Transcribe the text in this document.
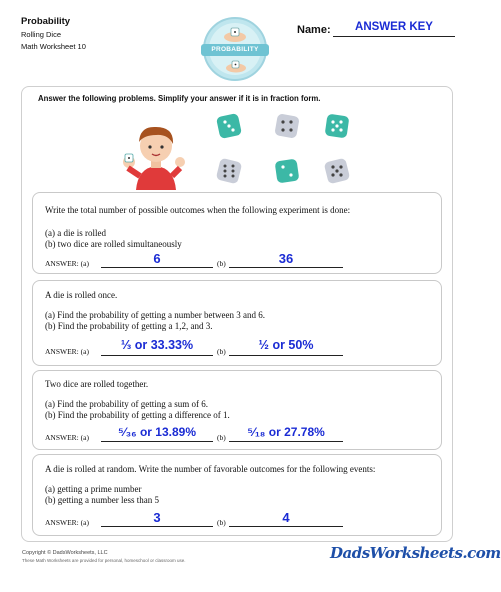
Probability
Rolling Dice
Math Worksheet 10	PROBABILITY
Name:	ANSWER KEY
Answer the following problems. Simplify your answer if it is in fraction form.
Write the total number of possible outcomes when the following experiment is done:
(a) a die is rolled
(b) two dice are rolled simultaneously
ANSWER: (a)	6	(b)	36
A die is rolled once.
(a) Find the probability of getting a number between 3 and 6.
(b) Find the probability of getting a 1,2, and 3.
ANSWER: (a)	⅓ or 33.33%	(b)	½ or 50%
Two dice are rolled together.
(a) Find the probability of getting a sum of 6.
(b) Find the probability of getting a difference of 1.
ANSWER: (a)	⁵⁄₃₆ or 13.89%	(b)	⁵⁄₁₈ or 27.78%
A die is rolled at random. Write the number of favorable outcomes for the following events:
(a) getting a prime number
(b) getting a number less than 5
ANSWER: (a)	3	(b)	4
Copyright © DadsWorksheets, LLC
These Math Worksheets are provided for personal, homeschool or classroom use.	DadsWorksheets.com
